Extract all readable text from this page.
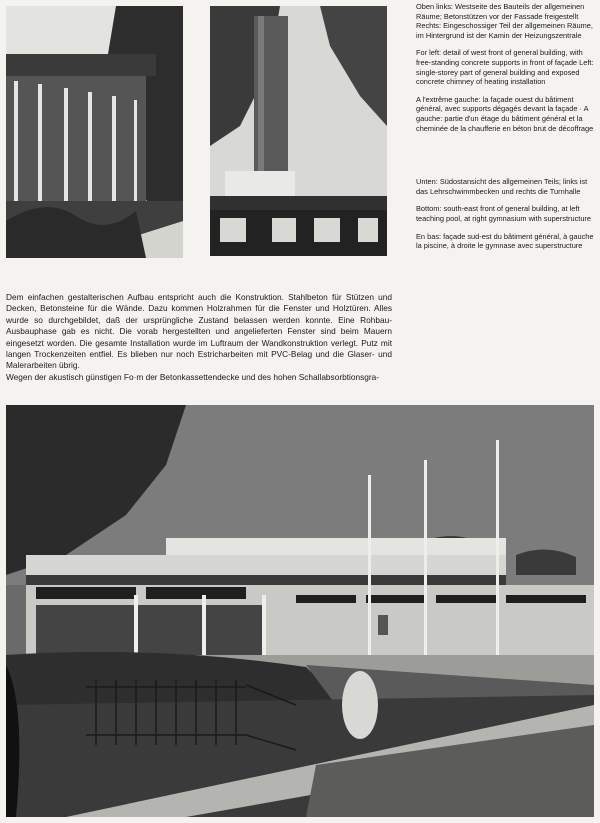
Oben links: Westseite des Bauteils der allgemeinen Räume; Betonstützen vor der Fassade freigestellt Rechts: Eingeschossiger Teil der allgemeinen Räume, im Hintergrund ist der Kamin der Heizungszentrale

For left: detail of west front of general building, with free-standing concrete supports in front of façade Left: single-storey part of general building and exposed concrete chimney of heating installation

A l'extrême gauche: la façade ouest du bâtiment général, avec supports dégagés devant la façade · A gauche: partie d'un étage du bâtiment général et la cheminée de la chaufferie en béton brut de décoffrage

Unten: Südostansicht des allgemeinen Teils; links ist das Lehrschwimmbecken und rechts die Turnhalle

Bottom: south-east front of general building, at left teaching pool, at right gymnasium with superstructure

En bas: façade sud-est du bâtiment général, à gauche la piscine, à droite le gymnase avec superstructure

Dem einfachen gestalterischen Aufbau entspricht auch die Konstruktion. Stahlbeton für Stützen und Decken, Betonsteine für die Wände. Dazu kommen Holzrahmen für die Fenster und Holztüren. Alles wurde so durchgebildet, daß der ursprüngliche Zustand belassen werden konnte. Eine Rohbau-Ausbauphase gab es nicht. Die vorab hergestellten und angelieferten Fenster sind beim Mauern eingesetzt worden. Die gesamte Installation wurde im Luftraum der Wandkonstruktion verlegt. Putz mit langen Trockenzeiten entfiel. Es blieben nur noch Estricharbeiten mit PVC-Belag und die Glaser- und Malerarbeiten übrig.

Wegen der akustisch günstigen Fo·m der Betonkassettendecke und des hohen Schallabsorbtionsgra-
